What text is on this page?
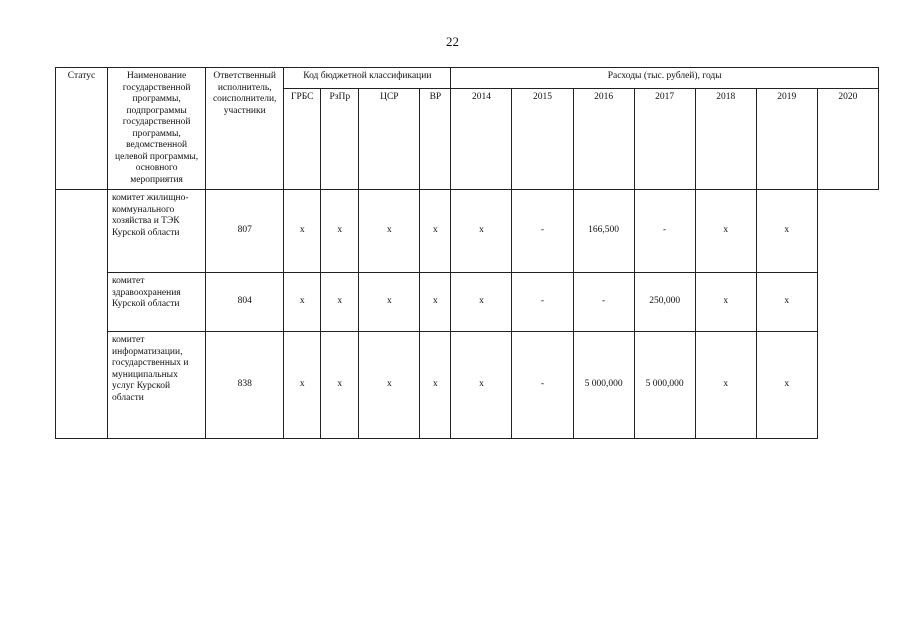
22
Статус	Наименование государственной программы, подпрограммы государственной программы, ведомственной целевой программы, основного мероприятия	Ответственный исполнитель, соисполнители, участники	Код бюджетной классификации				Расходы (тыс. рублей), годы						
			ГРБС	РзПр	ЦСР	ВР	2014	2015	2016	2017	2018	2019	2020
	комитет жилищно-коммунального хозяйства и ТЭК Курской области	807	x	x	x	x	x	-	166,500	-	x	x	
	комитет здравоохранения Курской области	804	x	x	x	x	x	-	-	250,000	x	x	
	комитет информатизации, государственных и муниципальных услуг Курской области	838	x	x	x	x	x	-	5 000,000	5 000,000	x	x	
